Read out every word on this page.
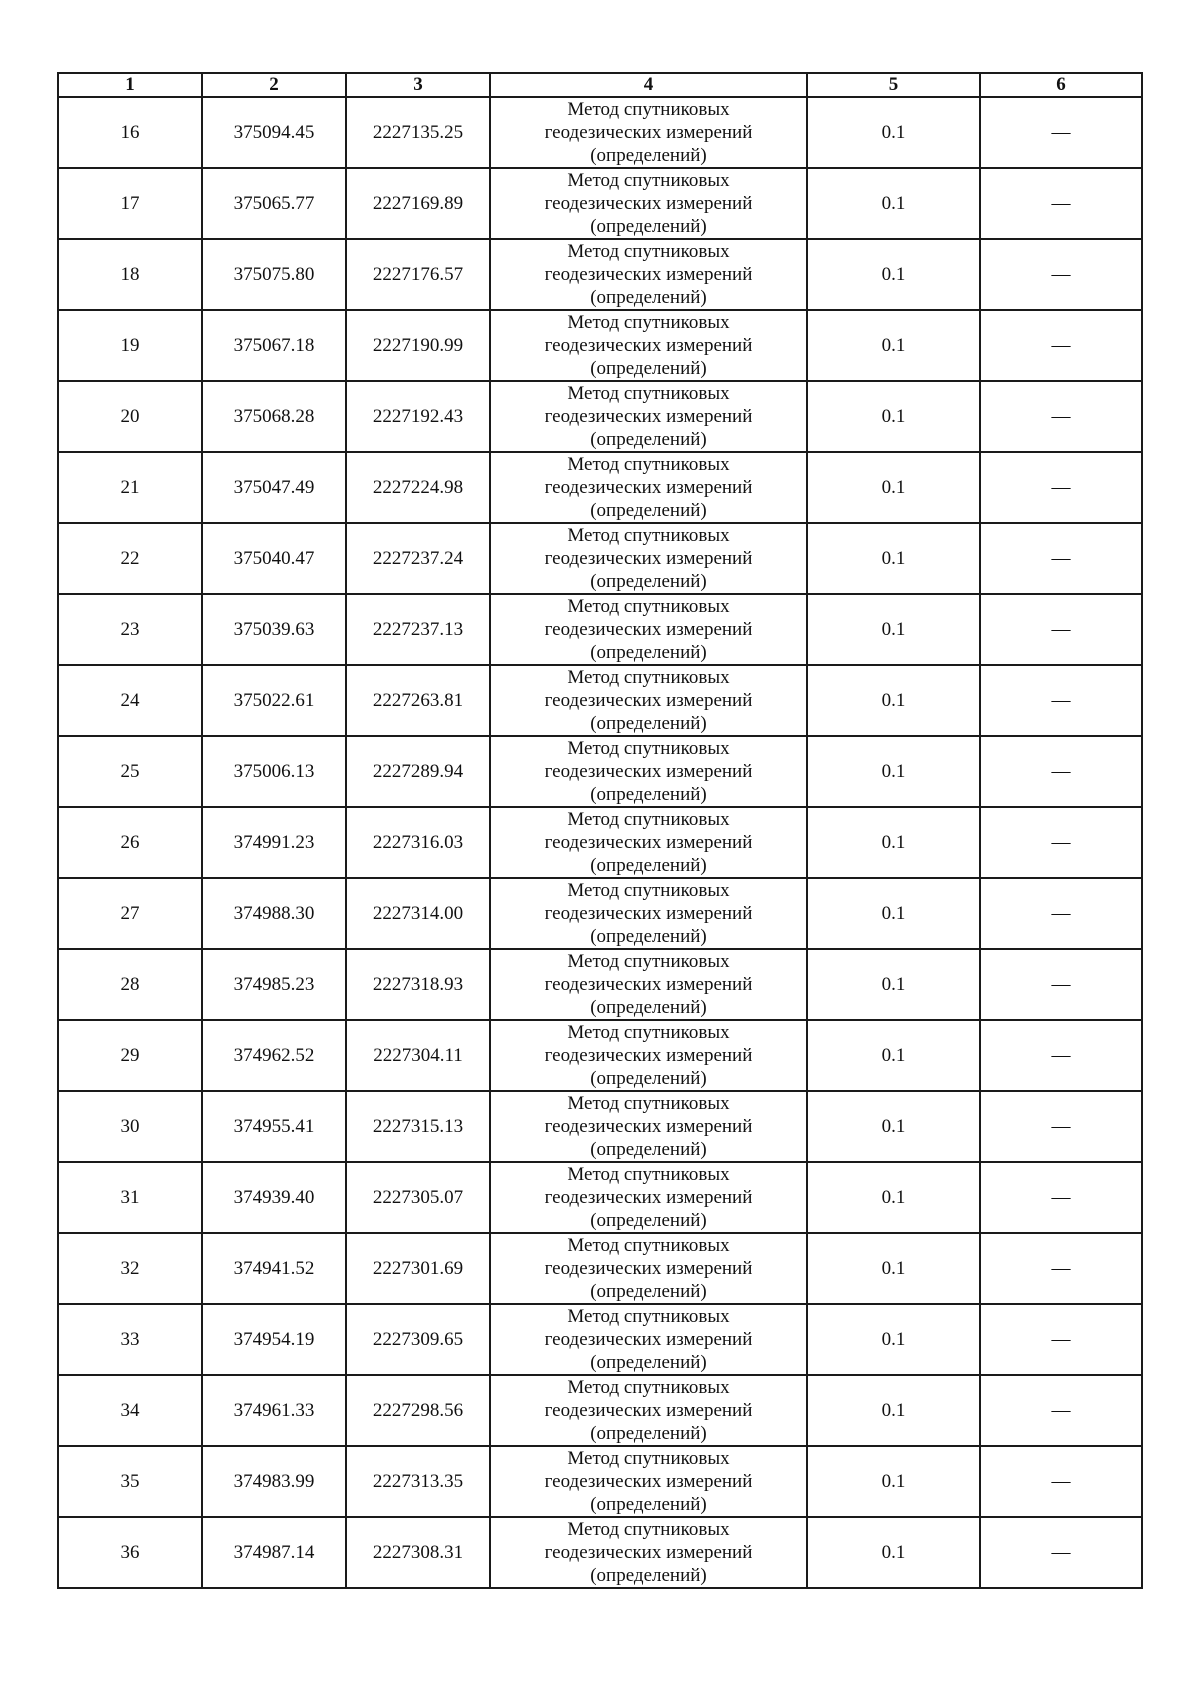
1	2	3	4	5	6
16	375094.45	2227135.25	Метод спутниковых
геодезических измерений
(определений)	0.1	—
17	375065.77	2227169.89	Метод спутниковых
геодезических измерений
(определений)	0.1	—
18	375075.80	2227176.57	Метод спутниковых
геодезических измерений
(определений)	0.1	—
19	375067.18	2227190.99	Метод спутниковых
геодезических измерений
(определений)	0.1	—
20	375068.28	2227192.43	Метод спутниковых
геодезических измерений
(определений)	0.1	—
21	375047.49	2227224.98	Метод спутниковых
геодезических измерений
(определений)	0.1	—
22	375040.47	2227237.24	Метод спутниковых
геодезических измерений
(определений)	0.1	—
23	375039.63	2227237.13	Метод спутниковых
геодезических измерений
(определений)	0.1	—
24	375022.61	2227263.81	Метод спутниковых
геодезических измерений
(определений)	0.1	—
25	375006.13	2227289.94	Метод спутниковых
геодезических измерений
(определений)	0.1	—
26	374991.23	2227316.03	Метод спутниковых
геодезических измерений
(определений)	0.1	—
27	374988.30	2227314.00	Метод спутниковых
геодезических измерений
(определений)	0.1	—
28	374985.23	2227318.93	Метод спутниковых
геодезических измерений
(определений)	0.1	—
29	374962.52	2227304.11	Метод спутниковых
геодезических измерений
(определений)	0.1	—
30	374955.41	2227315.13	Метод спутниковых
геодезических измерений
(определений)	0.1	—
31	374939.40	2227305.07	Метод спутниковых
геодезических измерений
(определений)	0.1	—
32	374941.52	2227301.69	Метод спутниковых
геодезических измерений
(определений)	0.1	—
33	374954.19	2227309.65	Метод спутниковых
геодезических измерений
(определений)	0.1	—
34	374961.33	2227298.56	Метод спутниковых
геодезических измерений
(определений)	0.1	—
35	374983.99	2227313.35	Метод спутниковых
геодезических измерений
(определений)	0.1	—
36	374987.14	2227308.31	Метод спутниковых
геодезических измерений
(определений)	0.1	—
